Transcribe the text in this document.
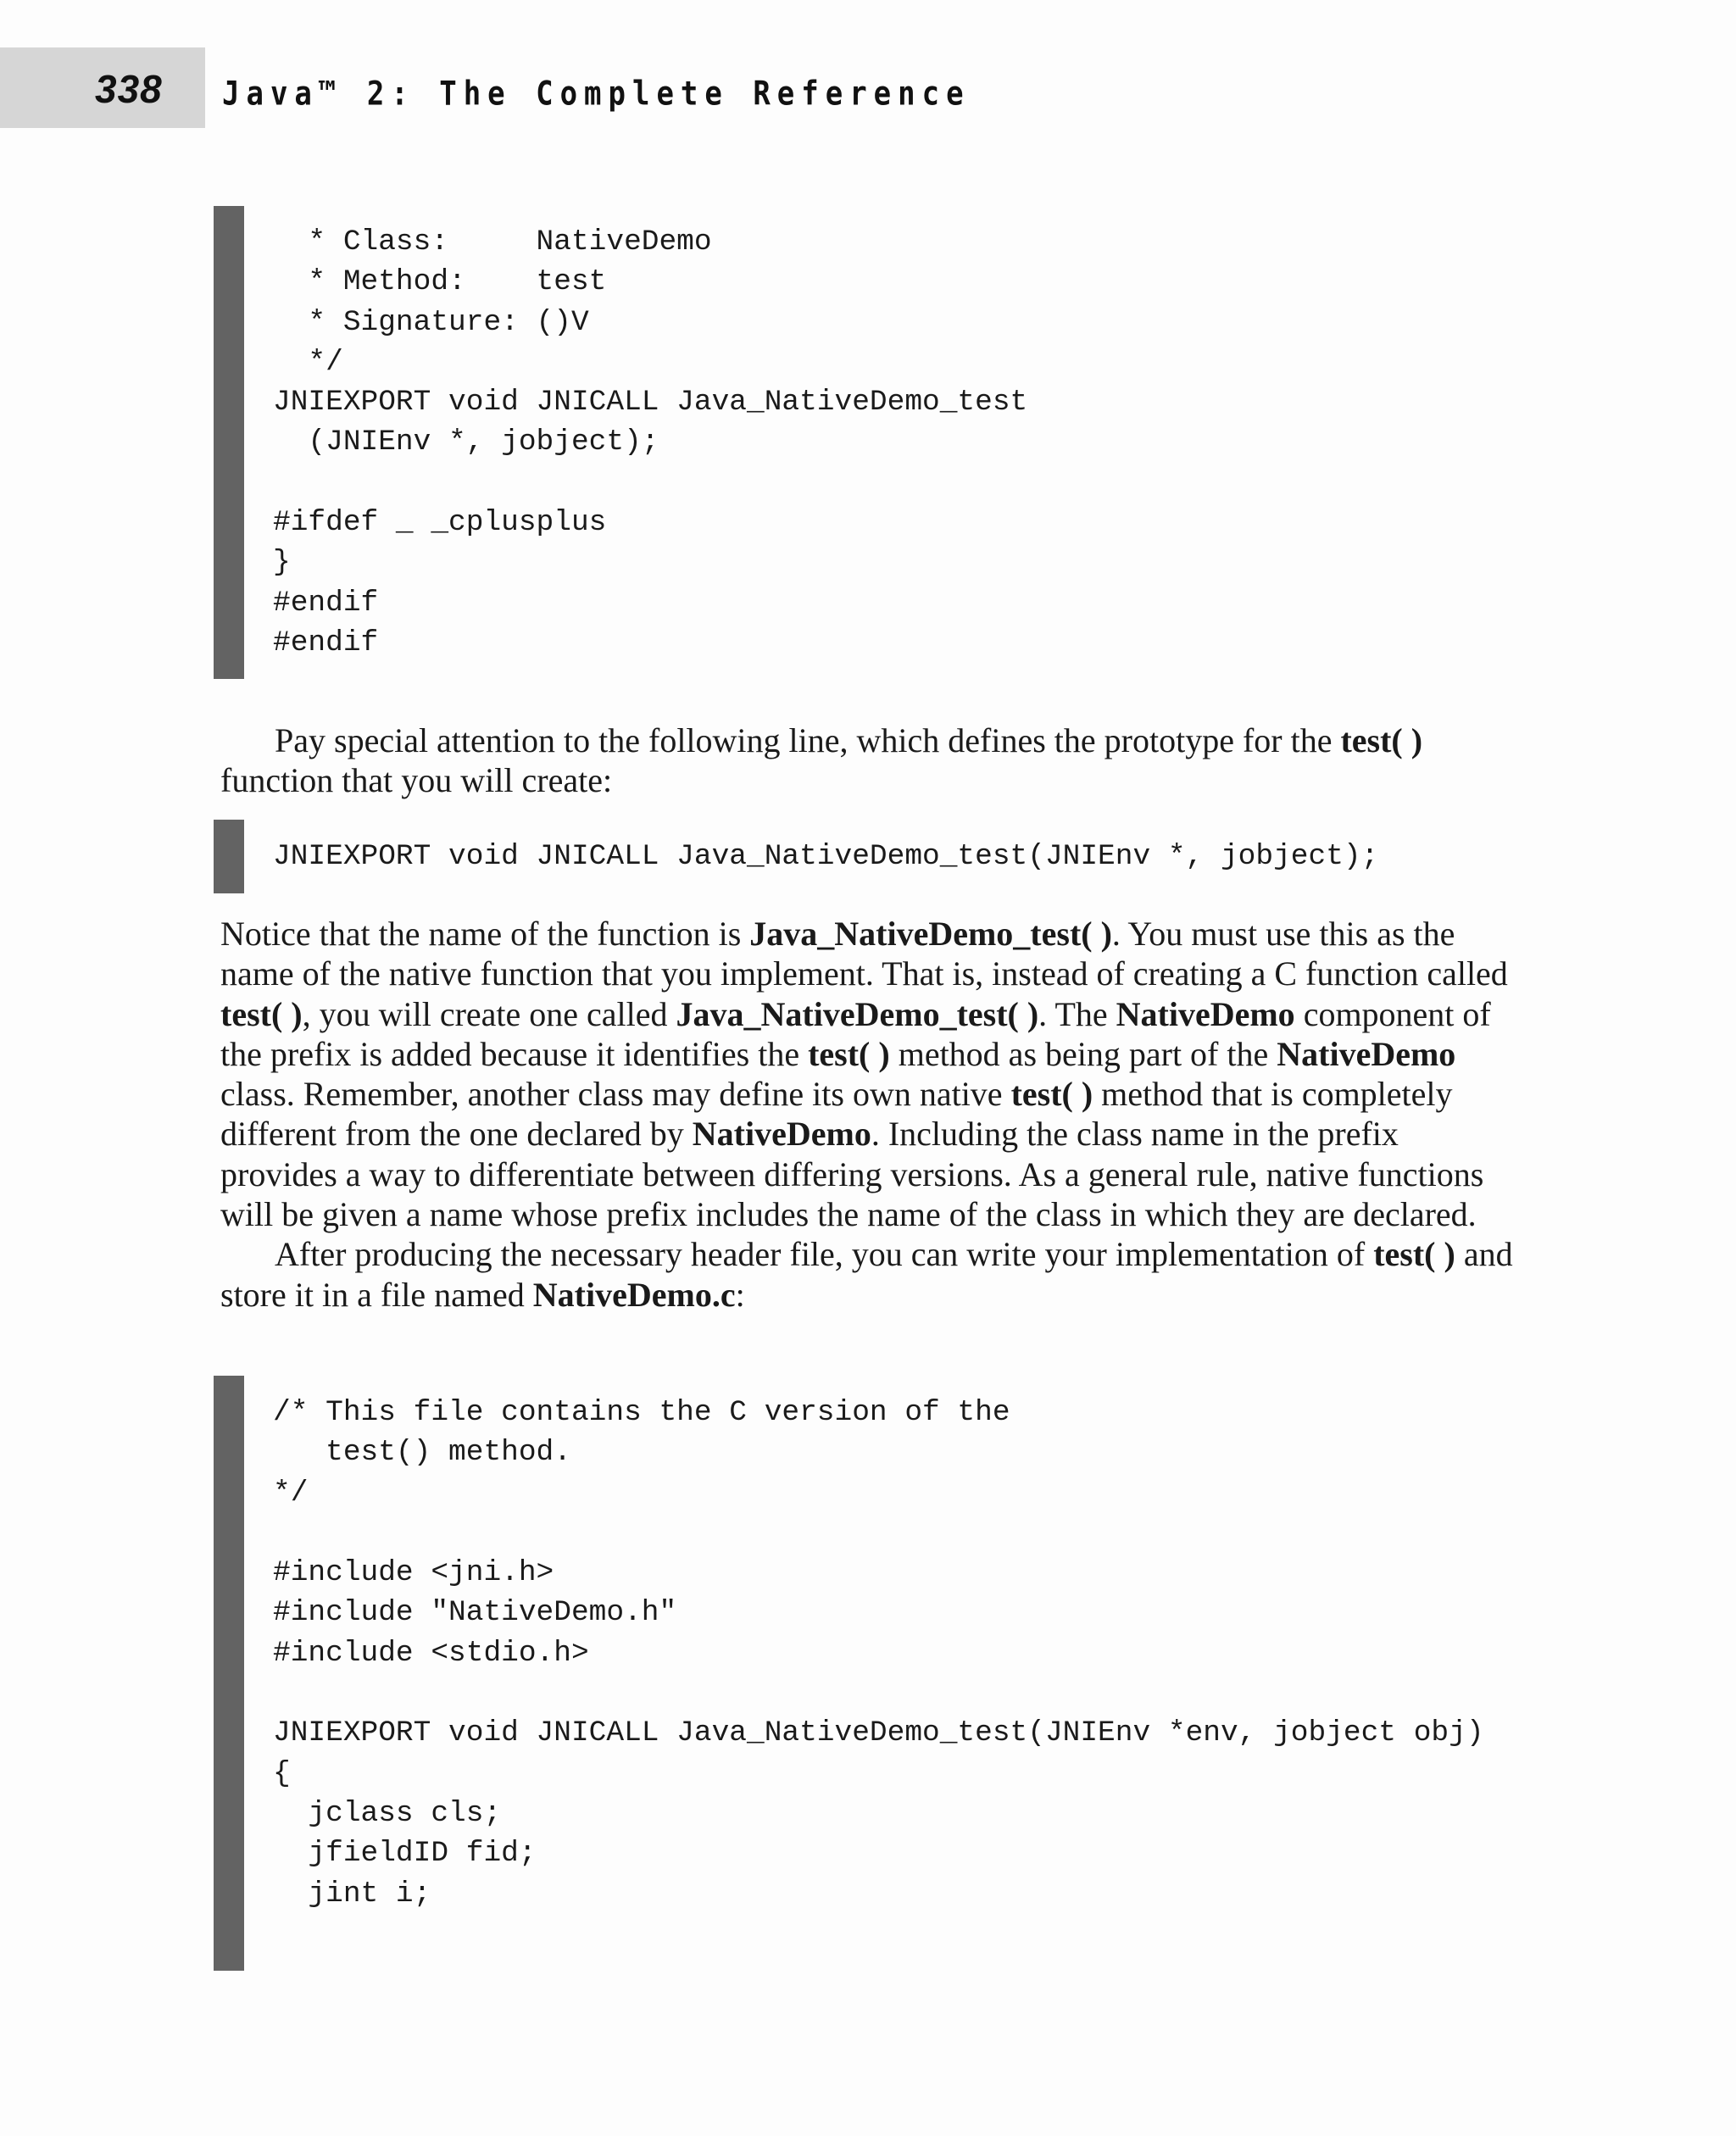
338 Java™ 2: The Complete Reference
* Class:     NativeDemo
* Method:    test
* Signature: ()V
*/
JNIEXPORT void JNICALL Java_NativeDemo_test
(JNIEnv *, jobject);

#ifdef _ _cplusplus
}
#endif
#endif

Pay special attention to the following line, which defines the prototype for the test( ) function that you will create:

JNIEXPORT void JNICALL Java_NativeDemo_test(JNIEnv *, jobject);

Notice that the name of the function is Java_NativeDemo_test( ). You must use this as the name of the native function that you implement. That is, instead of creating a C function called test( ), you will create one called Java_NativeDemo_test( ). The NativeDemo component of the prefix is added because it identifies the test( ) method as being part of the NativeDemo class. Remember, another class may define its own native test( ) method that is completely different from the one declared by NativeDemo. Including the class name in the prefix provides a way to differentiate between differing versions. As a general rule, native functions will be given a name whose prefix includes the name of the class in which they are declared.

After producing the necessary header file, you can write your implementation of test( ) and store it in a file named NativeDemo.c:

/* This file contains the C version of the
test() method.
*/

#include <jni.h>
#include "NativeDemo.h"
#include <stdio.h>

JNIEXPORT void JNICALL Java_NativeDemo_test(JNIEnv *env, jobject obj)
{
jclass cls;
jfieldID fid;
jint i;
